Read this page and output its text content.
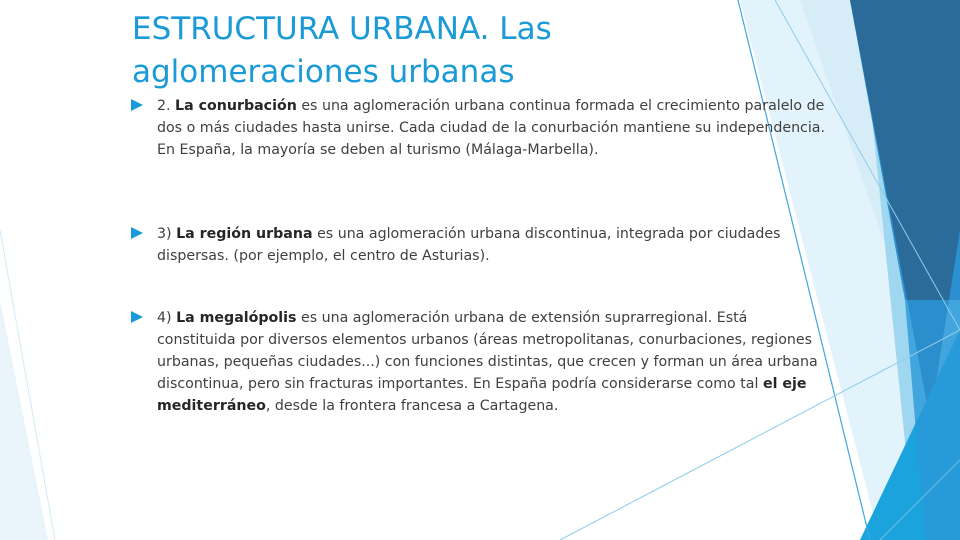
ESTRUCTURA URBANA. Las aglomeraciones urbanas

2. La conurbación es una aglomeración urbana continua formada el crecimiento paralelo de dos o más ciudades hasta unirse. Cada ciudad de la conurbación mantiene su independencia. En España, la mayoría se deben al turismo (Málaga-Marbella).

3) La región urbana es una aglomeración urbana discontinua, integrada por ciudades dispersas. (por ejemplo, el centro de Asturias).

4) La megalópolis es una aglomeración urbana de extensión suprarregional. Está constituida por diversos elementos urbanos (áreas metropolitanas, conurbaciones, regiones urbanas, pequeñas ciudades...) con funciones distintas, que crecen y forman un área urbana discontinua, pero sin fracturas importantes. En España podría considerarse como tal el eje mediterráneo, desde la frontera francesa a Cartagena.
